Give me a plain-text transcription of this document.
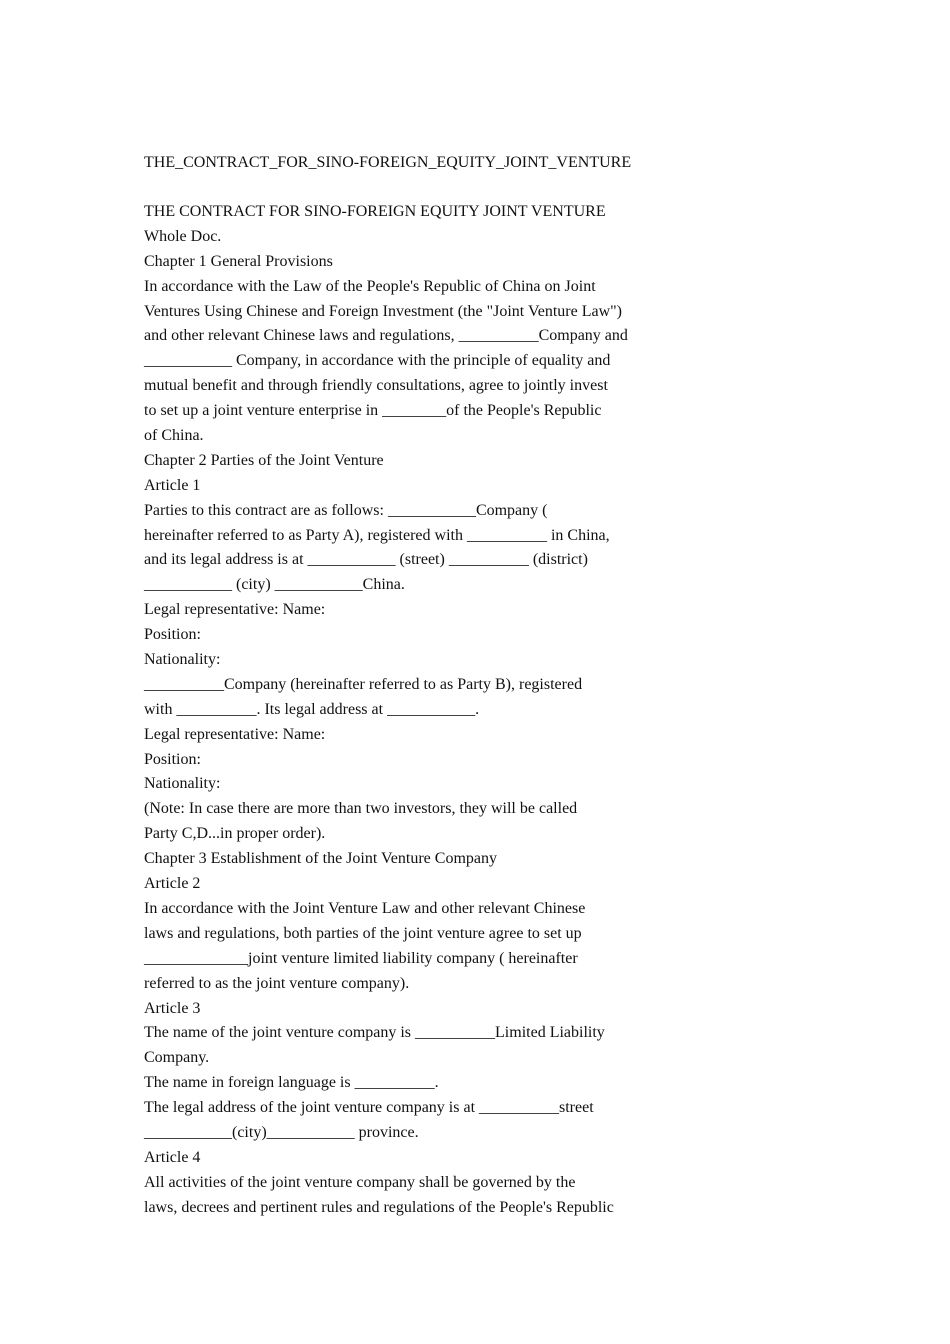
THE_CONTRACT_FOR_SINO-FOREIGN_EQUITY_JOINT_VENTURE
THE CONTRACT FOR SINO-FOREIGN EQUITY JOINT VENTURE
Whole Doc.
Chapter 1 General Provisions
In accordance with the Law of the People's Republic of China on Joint
Ventures Using Chinese and Foreign Investment (the "Joint Venture Law")
and other relevant Chinese laws and regulations, __________Company and
___________ Company, in accordance with the principle of equality and
mutual benefit and through friendly consultations, agree to jointly invest
to set up a joint venture enterprise in ________of the People's Republic
of China.
Chapter 2 Parties of the Joint Venture
Article 1
Parties to this contract are as follows: ___________Company (
hereinafter referred to as Party A), registered with __________ in China,
and its legal address is at ___________ (street) __________ (district)
___________ (city) ___________China.
Legal representative: Name:
Position:
Nationality:
__________Company (hereinafter referred to as Party B), registered
with __________. Its legal address at ___________.
Legal representative: Name:
Position:
Nationality:
(Note: In case there are more than two investors, they will be called
Party C,D...in proper order).
Chapter 3 Establishment of the Joint Venture Company
Article 2
In accordance with the Joint Venture Law and other relevant Chinese
laws and regulations, both parties of the joint venture agree to set up
_____________joint venture limited liability company ( hereinafter
referred to as the joint venture company).
Article 3
The name of the joint venture company is __________Limited Liability
Company.
The name in foreign language is __________.
The legal address of the joint venture company is at __________street
___________(city)___________ province.
Article 4
All activities of the joint venture company shall be governed by the
laws, decrees and pertinent rules and regulations of the People's Republic
